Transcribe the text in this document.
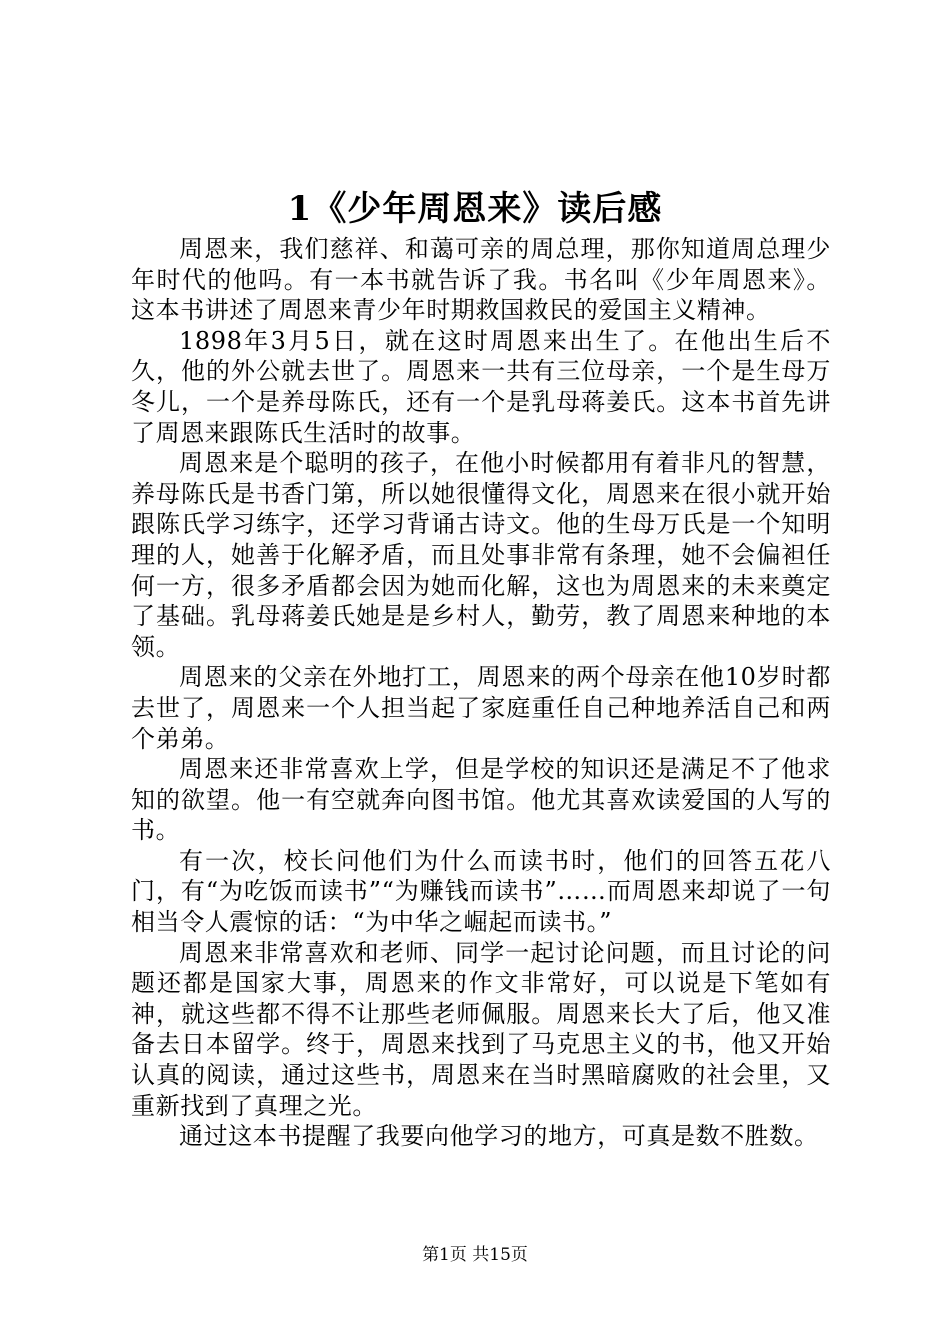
1《少年周恩来》读后感

周恩来，我们慈祥、和蔼可亲的周总理，那你知道周总理少年时代的他吗。有一本书就告诉了我。书名叫《少年周恩来》。这本书讲述了周恩来青少年时期救国救民的爱国主义精神。

1898年3月5日，就在这时周恩来出生了。在他出生后不久，他的外公就去世了。周恩来一共有三位母亲，一个是生母万冬儿，一个是养母陈氏，还有一个是乳母蒋姜氏。这本书首先讲了周恩来跟陈氏生活时的故事。

周恩来是个聪明的孩子，在他小时候都用有着非凡的智慧，养母陈氏是书香门第，所以她很懂得文化，周恩来在很小就开始跟陈氏学习练字，还学习背诵古诗文。他的生母万氏是一个知明理的人，她善于化解矛盾，而且处事非常有条理，她不会偏袒任何一方，很多矛盾都会因为她而化解，这也为周恩来的未来奠定了基础。乳母蒋姜氏她是是乡村人，勤劳，教了周恩来种地的本领。

周恩来的父亲在外地打工，周恩来的两个母亲在他10岁时都去世了，周恩来一个人担当起了家庭重任自己种地养活自己和两个弟弟。

周恩来还非常喜欢上学，但是学校的知识还是满足不了他求知的欲望。他一有空就奔向图书馆。他尤其喜欢读爱国的人写的书。

有一次，校长问他们为什么而读书时，他们的回答五花八门，有“为吃饭而读书”“为赚钱而读书”……而周恩来却说了一句相当令人震惊的话：“为中华之崛起而读书。”

周恩来非常喜欢和老师、同学一起讨论问题，而且讨论的问题还都是国家大事，周恩来的作文非常好，可以说是下笔如有神，就这些都不得不让那些老师佩服。周恩来长大了后，他又准备去日本留学。终于，周恩来找到了马克思主义的书，他又开始认真的阅读，通过这些书，周恩来在当时黑暗腐败的社会里，又重新找到了真理之光。

通过这本书提醒了我要向他学习的地方，可真是数不胜数。

第1页 共15页
